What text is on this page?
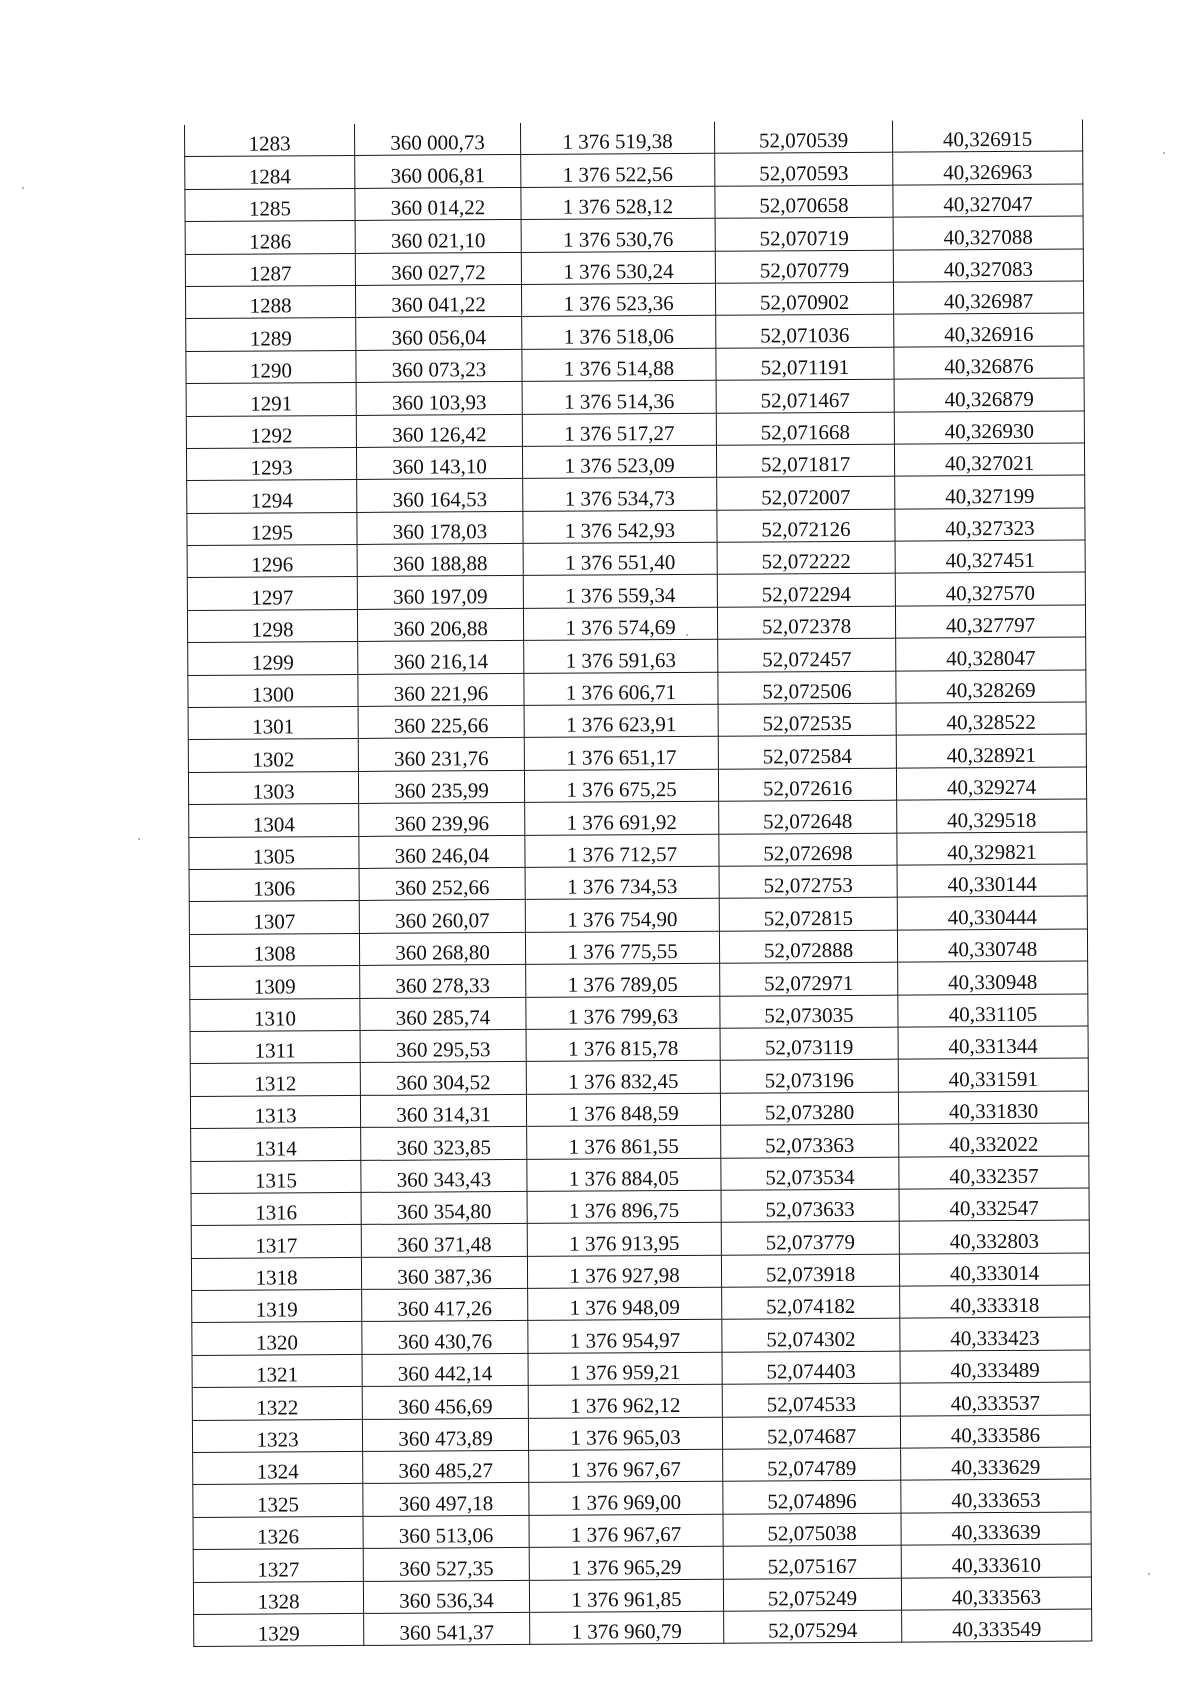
1283	360 000,73	1 376 519,38	52,070539	40,326915
1284	360 006,81	1 376 522,56	52,070593	40,326963
1285	360 014,22	1 376 528,12	52,070658	40,327047
1286	360 021,10	1 376 530,76	52,070719	40,327088
1287	360 027,72	1 376 530,24	52,070779	40,327083
1288	360 041,22	1 376 523,36	52,070902	40,326987
1289	360 056,04	1 376 518,06	52,071036	40,326916
1290	360 073,23	1 376 514,88	52,071191	40,326876
1291	360 103,93	1 376 514,36	52,071467	40,326879
1292	360 126,42	1 376 517,27	52,071668	40,326930
1293	360 143,10	1 376 523,09	52,071817	40,327021
1294	360 164,53	1 376 534,73	52,072007	40,327199
1295	360 178,03	1 376 542,93	52,072126	40,327323
1296	360 188,88	1 376 551,40	52,072222	40,327451
1297	360 197,09	1 376 559,34	52,072294	40,327570
1298	360 206,88	1 376 574,69	52,072378	40,327797
1299	360 216,14	1 376 591,63	52,072457	40,328047
1300	360 221,96	1 376 606,71	52,072506	40,328269
1301	360 225,66	1 376 623,91	52,072535	40,328522
1302	360 231,76	1 376 651,17	52,072584	40,328921
1303	360 235,99	1 376 675,25	52,072616	40,329274
1304	360 239,96	1 376 691,92	52,072648	40,329518
1305	360 246,04	1 376 712,57	52,072698	40,329821
1306	360 252,66	1 376 734,53	52,072753	40,330144
1307	360 260,07	1 376 754,90	52,072815	40,330444
1308	360 268,80	1 376 775,55	52,072888	40,330748
1309	360 278,33	1 376 789,05	52,072971	40,330948
1310	360 285,74	1 376 799,63	52,073035	40,331105
1311	360 295,53	1 376 815,78	52,073119	40,331344
1312	360 304,52	1 376 832,45	52,073196	40,331591
1313	360 314,31	1 376 848,59	52,073280	40,331830
1314	360 323,85	1 376 861,55	52,073363	40,332022
1315	360 343,43	1 376 884,05	52,073534	40,332357
1316	360 354,80	1 376 896,75	52,073633	40,332547
1317	360 371,48	1 376 913,95	52,073779	40,332803
1318	360 387,36	1 376 927,98	52,073918	40,333014
1319	360 417,26	1 376 948,09	52,074182	40,333318
1320	360 430,76	1 376 954,97	52,074302	40,333423
1321	360 442,14	1 376 959,21	52,074403	40,333489
1322	360 456,69	1 376 962,12	52,074533	40,333537
1323	360 473,89	1 376 965,03	52,074687	40,333586
1324	360 485,27	1 376 967,67	52,074789	40,333629
1325	360 497,18	1 376 969,00	52,074896	40,333653
1326	360 513,06	1 376 967,67	52,075038	40,333639
1327	360 527,35	1 376 965,29	52,075167	40,333610
1328	360 536,34	1 376 961,85	52,075249	40,333563
1329	360 541,37	1 376 960,79	52,075294	40,333549
